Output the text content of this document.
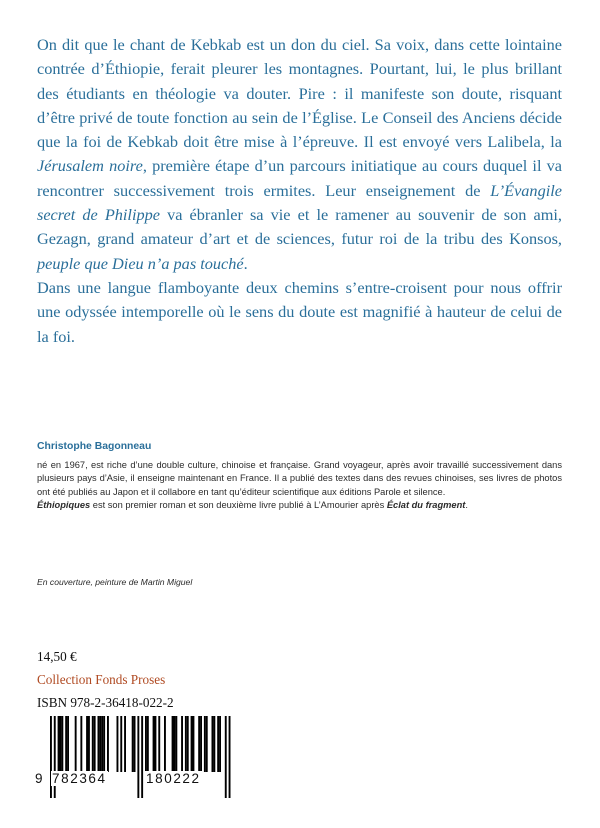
On dit que le chant de Kebkab est un don du ciel. Sa voix, dans cette lointaine contrée d’Éthiopie, ferait pleurer les montagnes. Pourtant, lui, le plus brillant des étudiants en théologie va douter. Pire : il manifeste son doute, risquant d’être privé de toute fonction au sein de l’Église. Le Conseil des Anciens décide que la foi de Kebkab doit être mise à l’épreuve. Il est envoyé vers Lalibela, la Jérusalem noire, première étape d’un parcours initiatique au cours duquel il va rencontrer successivement trois ermites. Leur enseignement de L’Évangile secret de Philippe va ébranler sa vie et le ramener au souvenir de son ami, Gezagn, grand amateur d’art et de sciences, futur roi de la tribu des Konsos, peuple que Dieu n’a pas touché.

Dans une langue flamboyante deux chemins s’entre-croisent pour nous offrir une odyssée intemporelle où le sens du doute est magnifié à hauteur de celui de la foi.

Christophe Bagonneau

né en 1967, est riche d’une double culture, chinoise et française. Grand voyageur, après avoir travaillé successivement dans plusieurs pays d’Asie, il enseigne maintenant en France. Il a publié des textes dans des revues chinoises, ses livres de photos ont été publiés au Japon et il collabore en tant qu’éditeur scientifique aux éditions Parole et silence.

Éthiopiques est son premier roman et son deuxième livre publié à L’Amourier après Éclat du fragment.

En couverture, peinture de Martin Miguel
14,50 €
Collection Fonds Proses
ISBN 978-2-36418-022-2
9 782364	180222
